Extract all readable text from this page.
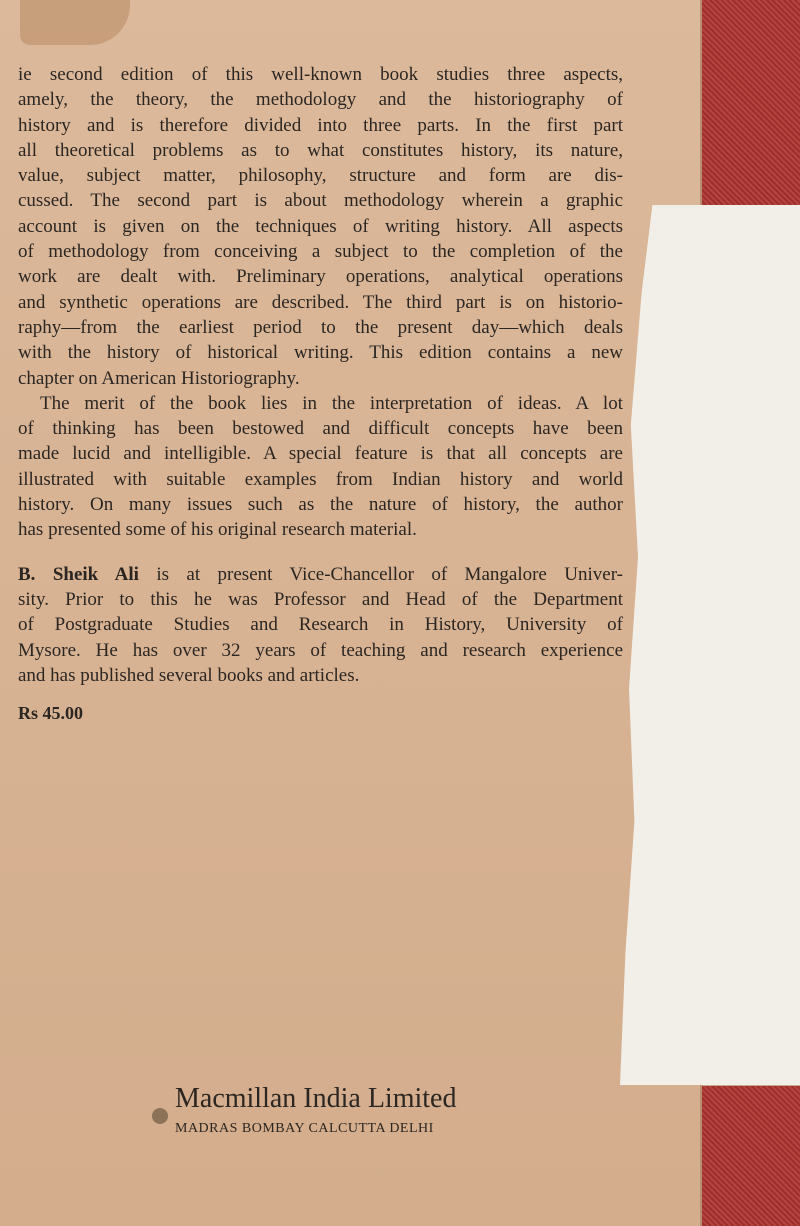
ie second edition of this well-known book studies three aspects,
amely, the theory, the methodology and the historiography of
history and is therefore divided into three parts. In the first part
all theoretical problems as to what constitutes history, its nature,
value, subject matter, philosophy, structure and form are dis-
cussed. The second part is about methodology wherein a graphic
account is given on the techniques of writing history. All aspects
of methodology from conceiving a subject to the completion of the
work are dealt with. Preliminary operations, analytical operations
and synthetic operations are described. The third part is on historio-
raphy—from the earliest period to the present day—which deals
with the history of historical writing. This edition contains a new
chapter on American Historiography.
The merit of the book lies in the interpretation of ideas. A lot
of thinking has been bestowed and difficult concepts have been
made lucid and intelligible. A special feature is that all concepts are
illustrated with suitable examples from Indian history and world
history. On many issues such as the nature of history, the author
has presented some of his original research material.
B. Sheik Ali is at present Vice-Chancellor of Mangalore Univer-
sity. Prior to this he was Professor and Head of the Department
of Postgraduate Studies and Research in History, University of
Mysore. He has over 32 years of teaching and research experience
and has published several books and articles.
Rs 45.00
Macmillan India Limited
MADRAS BOMBAY CALCUTTA DELHI
